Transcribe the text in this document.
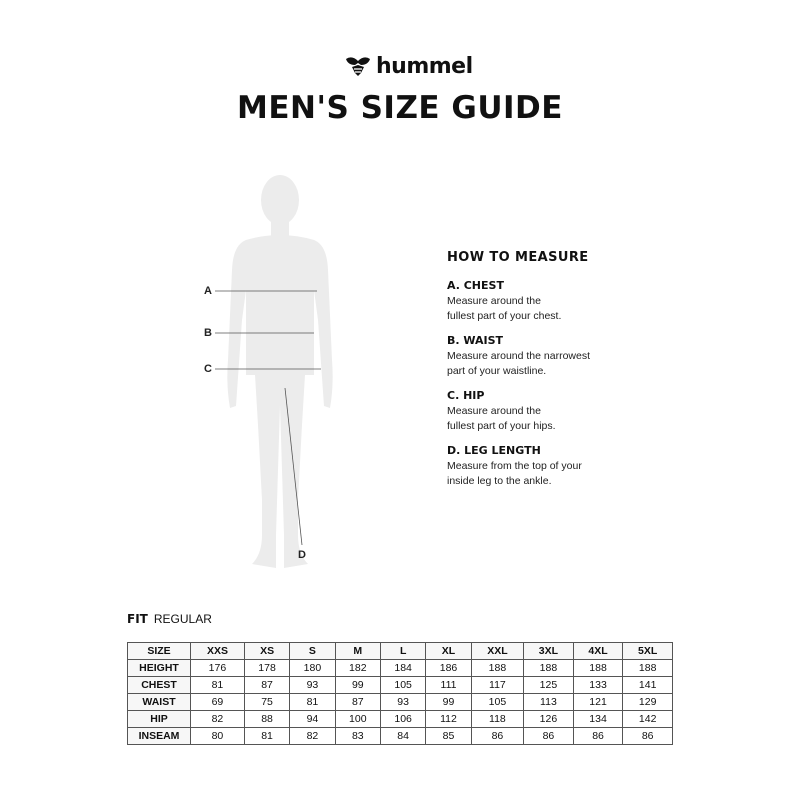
hummel
MEN'S SIZE GUIDE
A
B
C
D
HOW TO MEASURE
A. CHEST

Measure around the
fullest part of your chest.

B. WAIST

Measure around the narrowest
part of your waistline.

C. HIP

Measure around the
fullest part of your hips.

D. LEG LENGTH

Measure from the top of your
inside leg to the ankle.

FIT REGULAR
SIZE	XXS	XS	S	M	L	XL	XXL	3XL	4XL	5XL
HEIGHT	176	178	180	182	184	186	188	188	188	188
CHEST	81	87	93	99	105	111	117	125	133	141
WAIST	69	75	81	87	93	99	105	113	121	129
HIP	82	88	94	100	106	112	118	126	134	142
INSEAM	80	81	82	83	84	85	86	86	86	86
